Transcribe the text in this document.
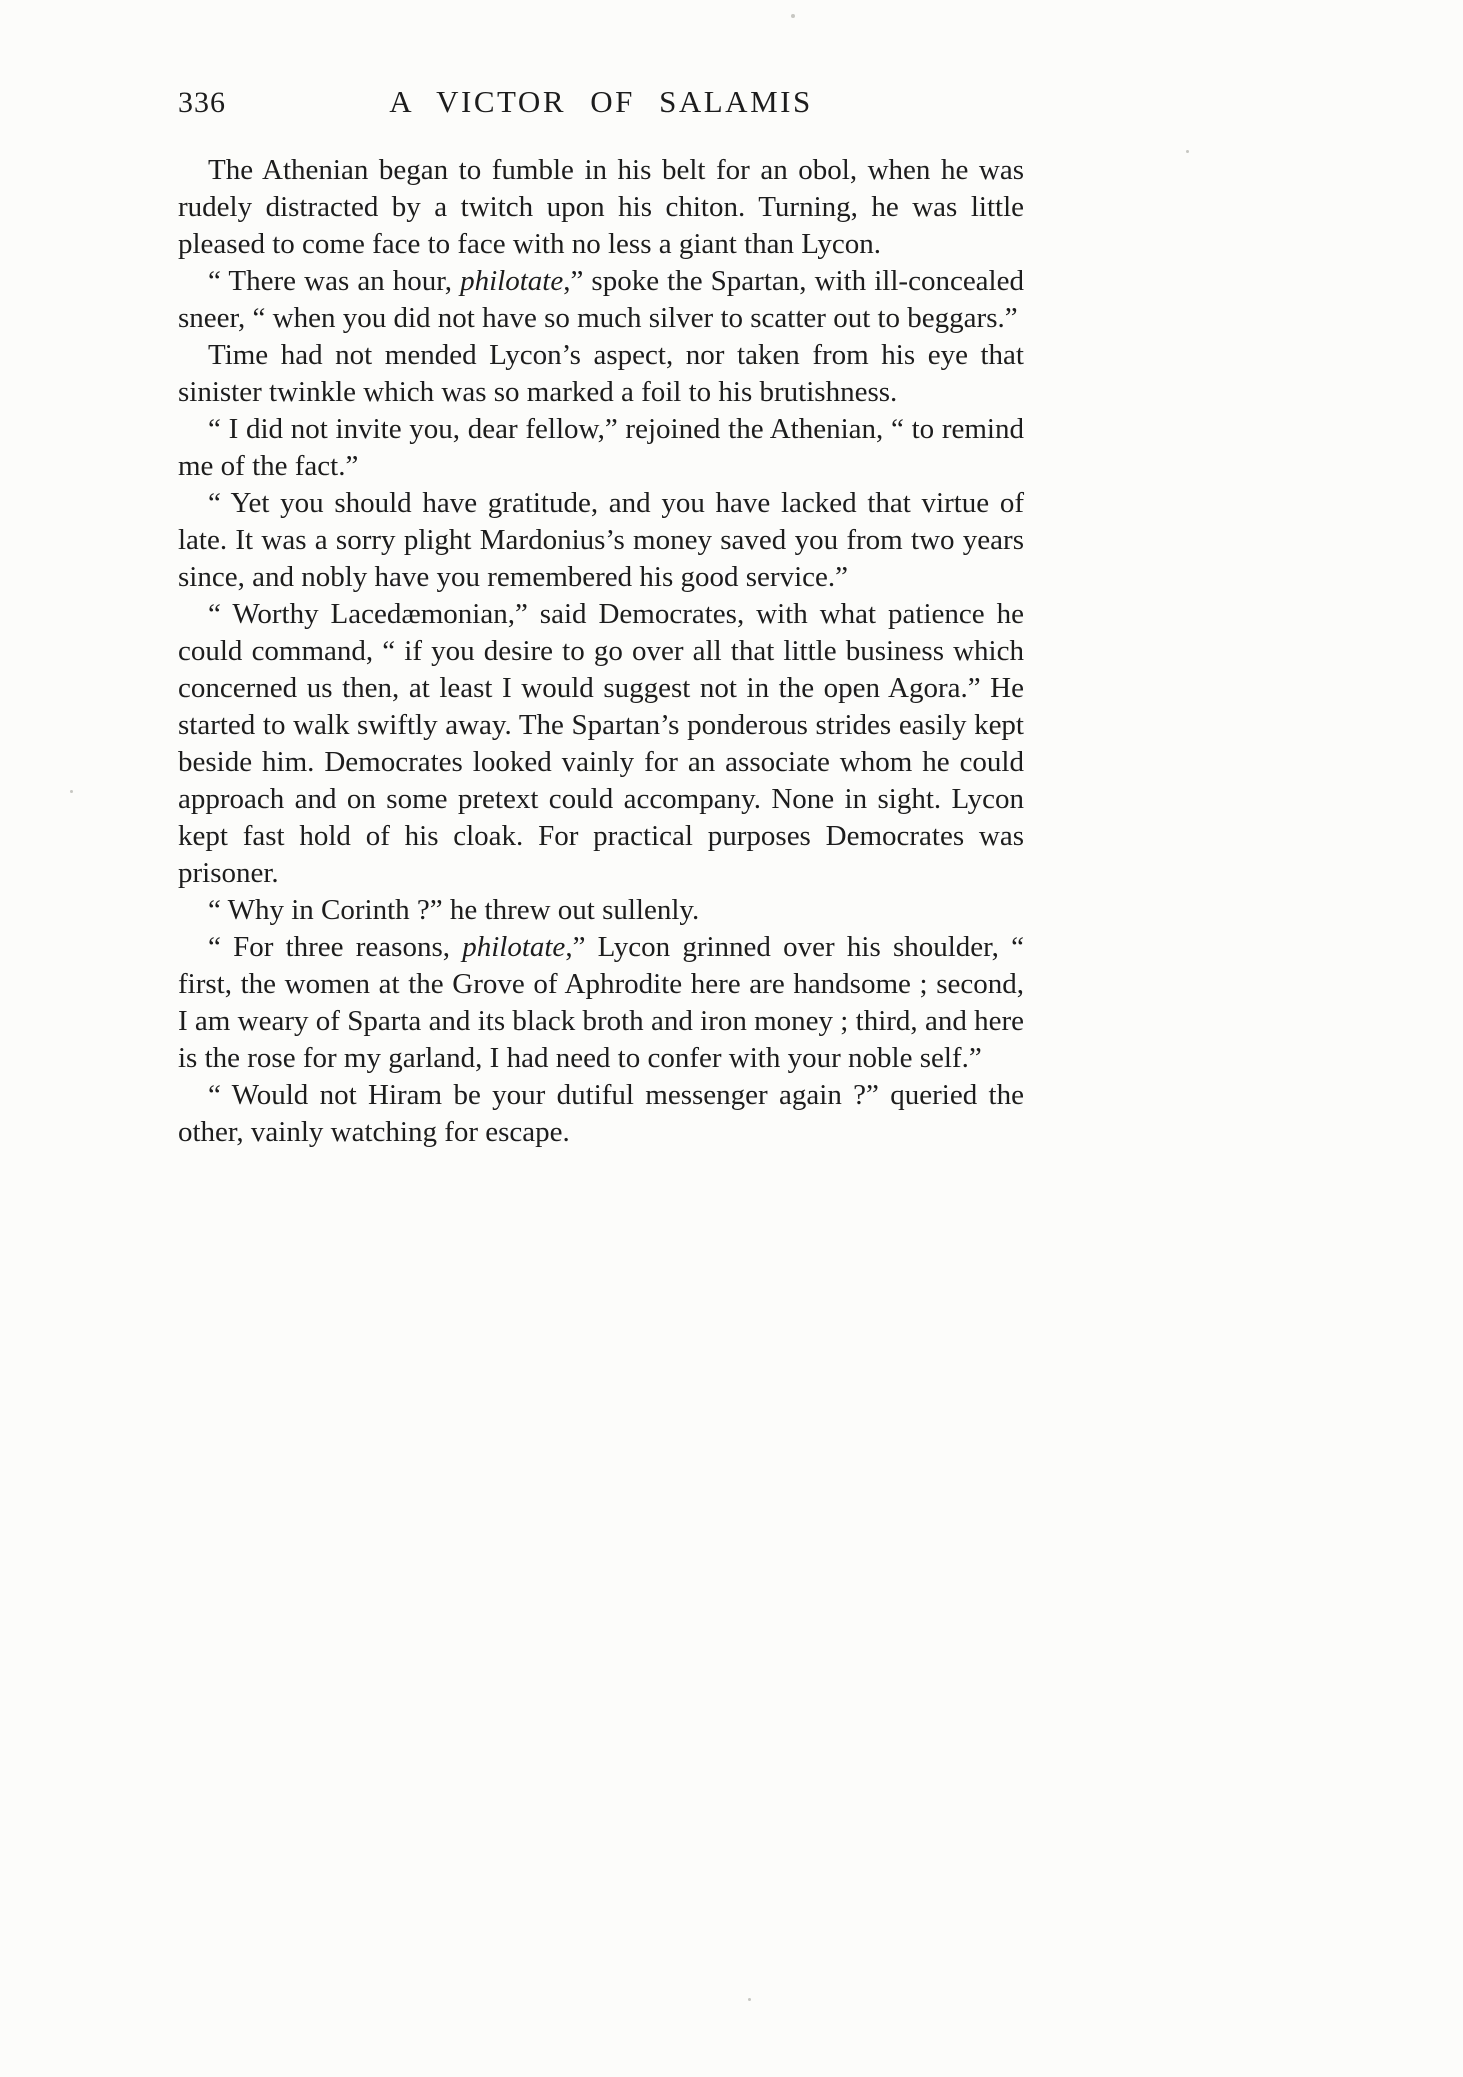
336	A VICTOR OF SALAMIS

The Athenian began to fumble in his belt for an obol, when he was rudely distracted by a twitch upon his chiton. Turning, he was little pleased to come face to face with no less a giant than Lycon.

“ There was an hour, philotate,” spoke the Spartan, with ill-concealed sneer, “ when you did not have so much silver to scatter out to beggars.”

Time had not mended Lycon’s aspect, nor taken from his eye that sinister twinkle which was so marked a foil to his brutishness.

“ I did not invite you, dear fellow,” rejoined the Athenian, “ to remind me of the fact.”

“ Yet you should have gratitude, and you have lacked that virtue of late. It was a sorry plight Mardonius’s money saved you from two years since, and nobly have you remembered his good service.”

“ Worthy Lacedæmonian,” said Democrates, with what patience he could command, “ if you desire to go over all that little business which concerned us then, at least I would suggest not in the open Agora.” He started to walk swiftly away. The Spartan’s ponderous strides easily kept beside him. Democrates looked vainly for an associate whom he could approach and on some pretext could accompany. None in sight. Lycon kept fast hold of his cloak. For practical purposes Democrates was prisoner.

“ Why in Corinth ?” he threw out sullenly.

“ For three reasons, philotate,” Lycon grinned over his shoulder, “ first, the women at the Grove of Aphrodite here are handsome ; second, I am weary of Sparta and its black broth and iron money ; third, and here is the rose for my garland, I had need to confer with your noble self.”

“ Would not Hiram be your dutiful messenger again ?” queried the other, vainly watching for escape.
